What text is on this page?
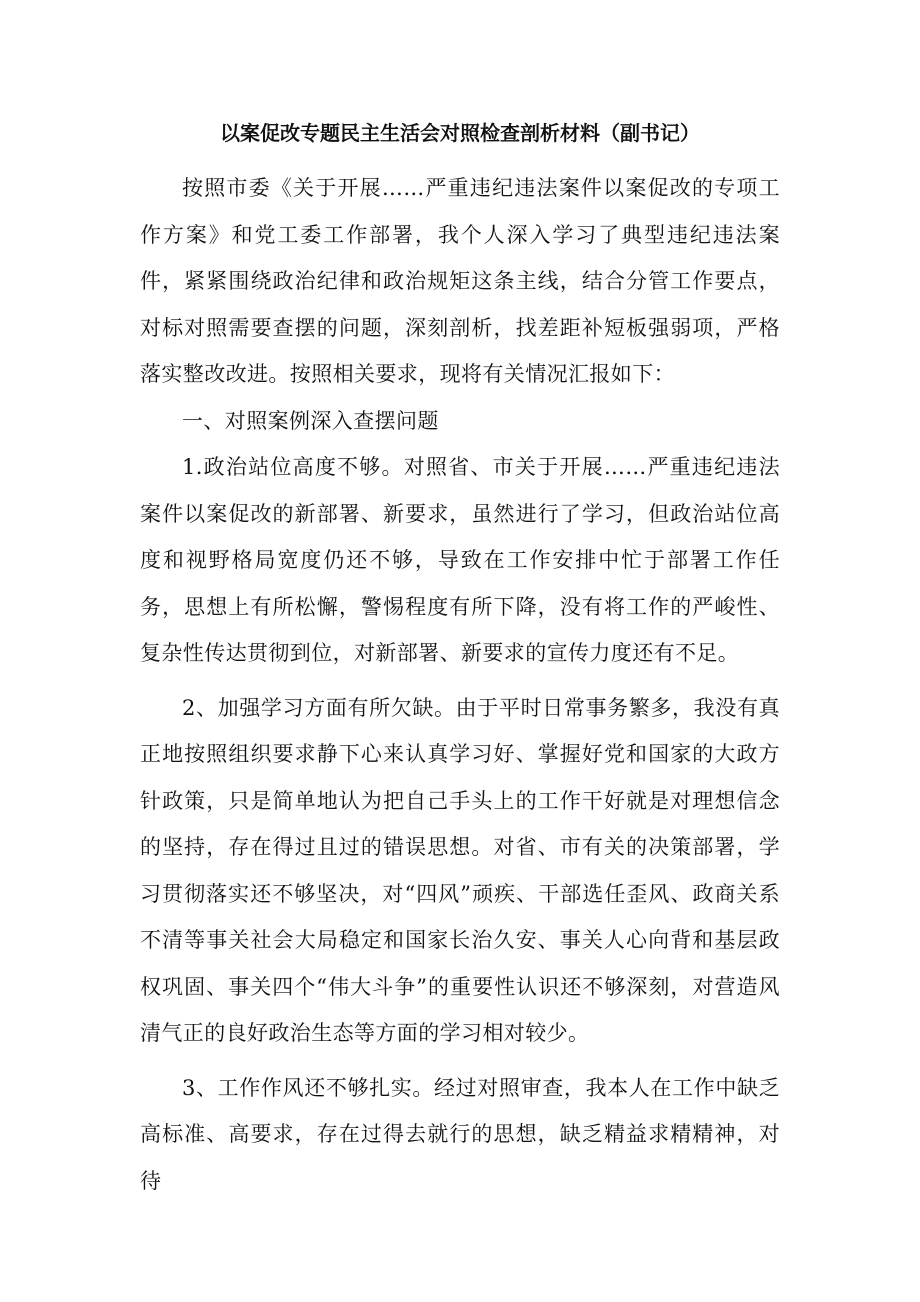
以案促改专题民主生活会对照检查剖析材料（副书记）

按照市委《关于开展……严重违纪违法案件以案促改的专项工作方案》和党工委工作部署，我个人深入学习了典型违纪违法案件，紧紧围绕政治纪律和政治规矩这条主线，结合分管工作要点，对标对照需要查摆的问题，深刻剖析，找差距补短板强弱项，严格落实整改改进。按照相关要求，现将有关情况汇报如下：

一、对照案例深入查摆问题

1.政治站位高度不够。对照省、市关于开展……严重违纪违法案件以案促改的新部署、新要求，虽然进行了学习，但政治站位高度和视野格局宽度仍还不够，导致在工作安排中忙于部署工作任务，思想上有所松懈，警惕程度有所下降，没有将工作的严峻性、复杂性传达贯彻到位，对新部署、新要求的宣传力度还有不足。

2、加强学习方面有所欠缺。由于平时日常事务繁多，我没有真正地按照组织要求静下心来认真学习好、掌握好党和国家的大政方针政策，只是简单地认为把自己手头上的工作干好就是对理想信念的坚持，存在得过且过的错误思想。对省、市有关的决策部署，学习贯彻落实还不够坚决，对“四风”顽疾、干部选任歪风、政商关系不清等事关社会大局稳定和国家长治久安、事关人心向背和基层政权巩固、事关四个“伟大斗争”的重要性认识还不够深刻，对营造风清气正的良好政治生态等方面的学习相对较少。

3、工作作风还不够扎实。经过对照审查，我本人在工作中缺乏高标准、高要求，存在过得去就行的思想，缺乏精益求精精神，对待
